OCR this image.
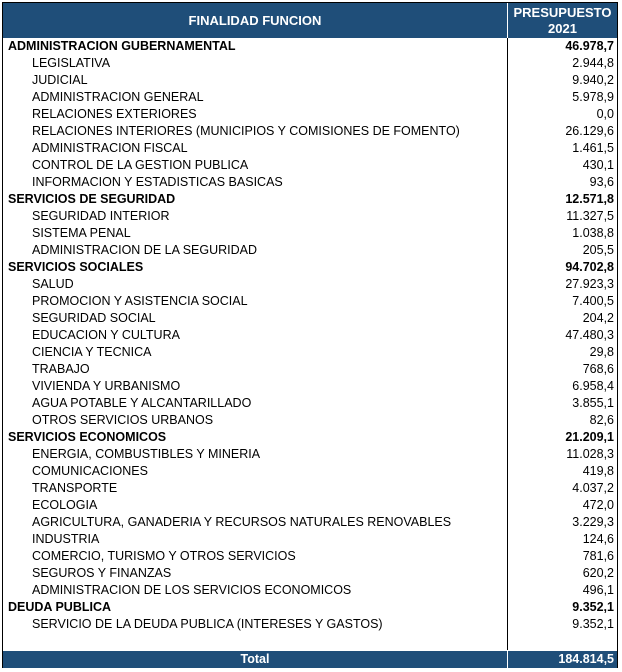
FINALIDAD FUNCION
PRESUPUESTO
2021
ADMINISTRACION GUBERNAMENTAL	46.978,7
LEGISLATIVA	2.944,8
JUDICIAL	9.940,2
ADMINISTRACION GENERAL	5.978,9
RELACIONES EXTERIORES	0,0
RELACIONES INTERIORES (MUNICIPIOS Y COMISIONES DE FOMENTO)	26.129,6
ADMINISTRACION FISCAL	1.461,5
CONTROL DE LA GESTION PUBLICA	430,1
INFORMACION Y ESTADISTICAS BASICAS	93,6
SERVICIOS DE SEGURIDAD	12.571,8
SEGURIDAD INTERIOR	11.327,5
SISTEMA PENAL	1.038,8
ADMINISTRACION DE LA SEGURIDAD	205,5
SERVICIOS SOCIALES	94.702,8
SALUD	27.923,3
PROMOCION Y ASISTENCIA SOCIAL	7.400,5
SEGURIDAD SOCIAL	204,2
EDUCACION Y CULTURA	47.480,3
CIENCIA Y TECNICA	29,8
TRABAJO	768,6
VIVIENDA Y URBANISMO	6.958,4
AGUA POTABLE Y ALCANTARILLADO	3.855,1
OTROS SERVICIOS URBANOS	82,6
SERVICIOS ECONOMICOS	21.209,1
ENERGIA, COMBUSTIBLES Y MINERIA	11.028,3
COMUNICACIONES	419,8
TRANSPORTE	4.037,2
ECOLOGIA	472,0
AGRICULTURA, GANADERIA Y RECURSOS NATURALES RENOVABLES	3.229,3
INDUSTRIA	124,6
COMERCIO, TURISMO Y OTROS SERVICIOS	781,6
SEGUROS Y FINANZAS	620,2
ADMINISTRACION DE LOS SERVICIOS ECONOMICOS	496,1
DEUDA PUBLICA	9.352,1
SERVICIO DE LA DEUDA PUBLICA (INTERESES Y GASTOS)	9.352,1
Total	184.814,5
